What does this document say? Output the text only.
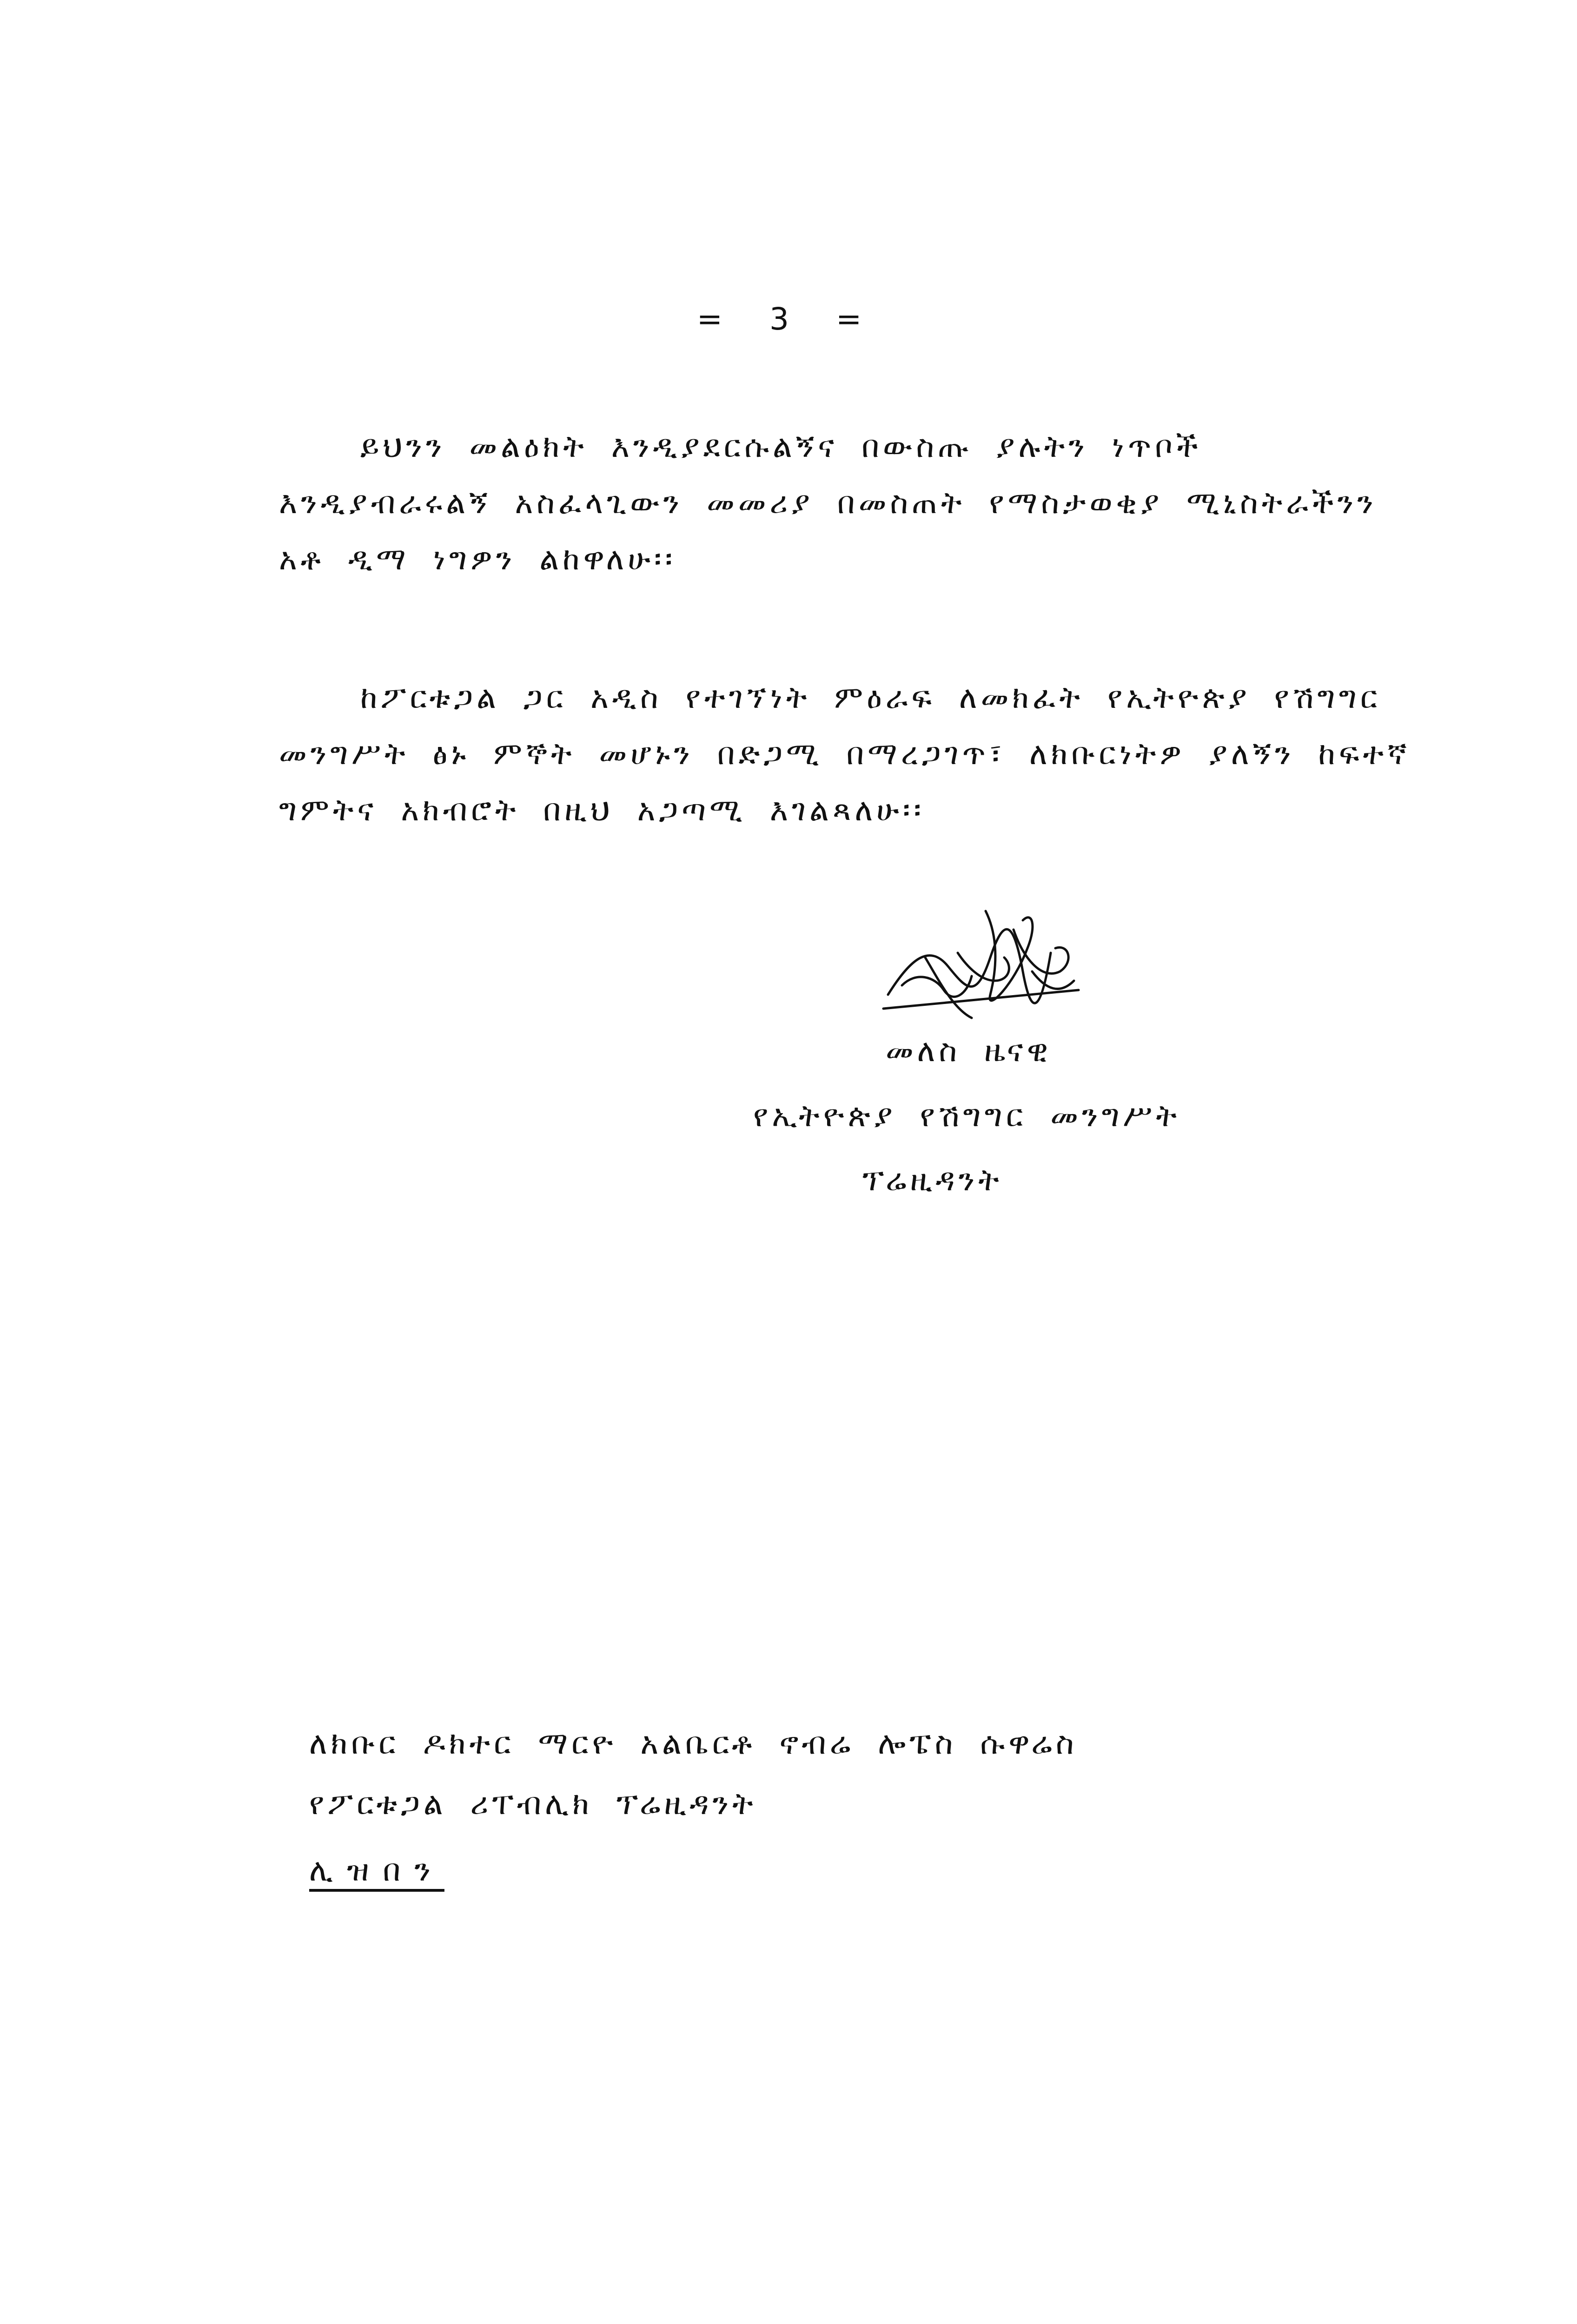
= 3 =
ይህንን መልዕክት እንዲያደርሱልኝና በውስጡ ያሉትን ነጥቦች እንዲያብራሩልኝ አስፈላጊውን መመሪያ በመስጠት የማስታወቂያ ሚኒስትራችንን አቶ ዲማ ነግዎን ልከዋለሁ፡፡
ከፖርቱጋል ጋር አዲስ የተገኘነት ምዕራፍ ለመክፈት የኢትዮጵያ የሽግግር መንግሥት ፅኑ ምኞት መሆኑን በድጋሚ በማረጋገጥ፣ ለክቡርነትዎ ያለኝን ከፍተኛ ግምትና አክብሮት በዚህ አጋጣሚ እገልጻለሁ፡፡
መለስ ዜናዊ
የኢትዮጵያ የሽግግር መንግሥት
ፕሬዚዳንት
ለክቡር ዶክተር ማርዮ አልቤርቶ ኖብሬ ሎፔስ ሱዋሬስ
የፖርቱጋል ሪፐብሊክ ፕሬዚዳንት
ሊዝበን
